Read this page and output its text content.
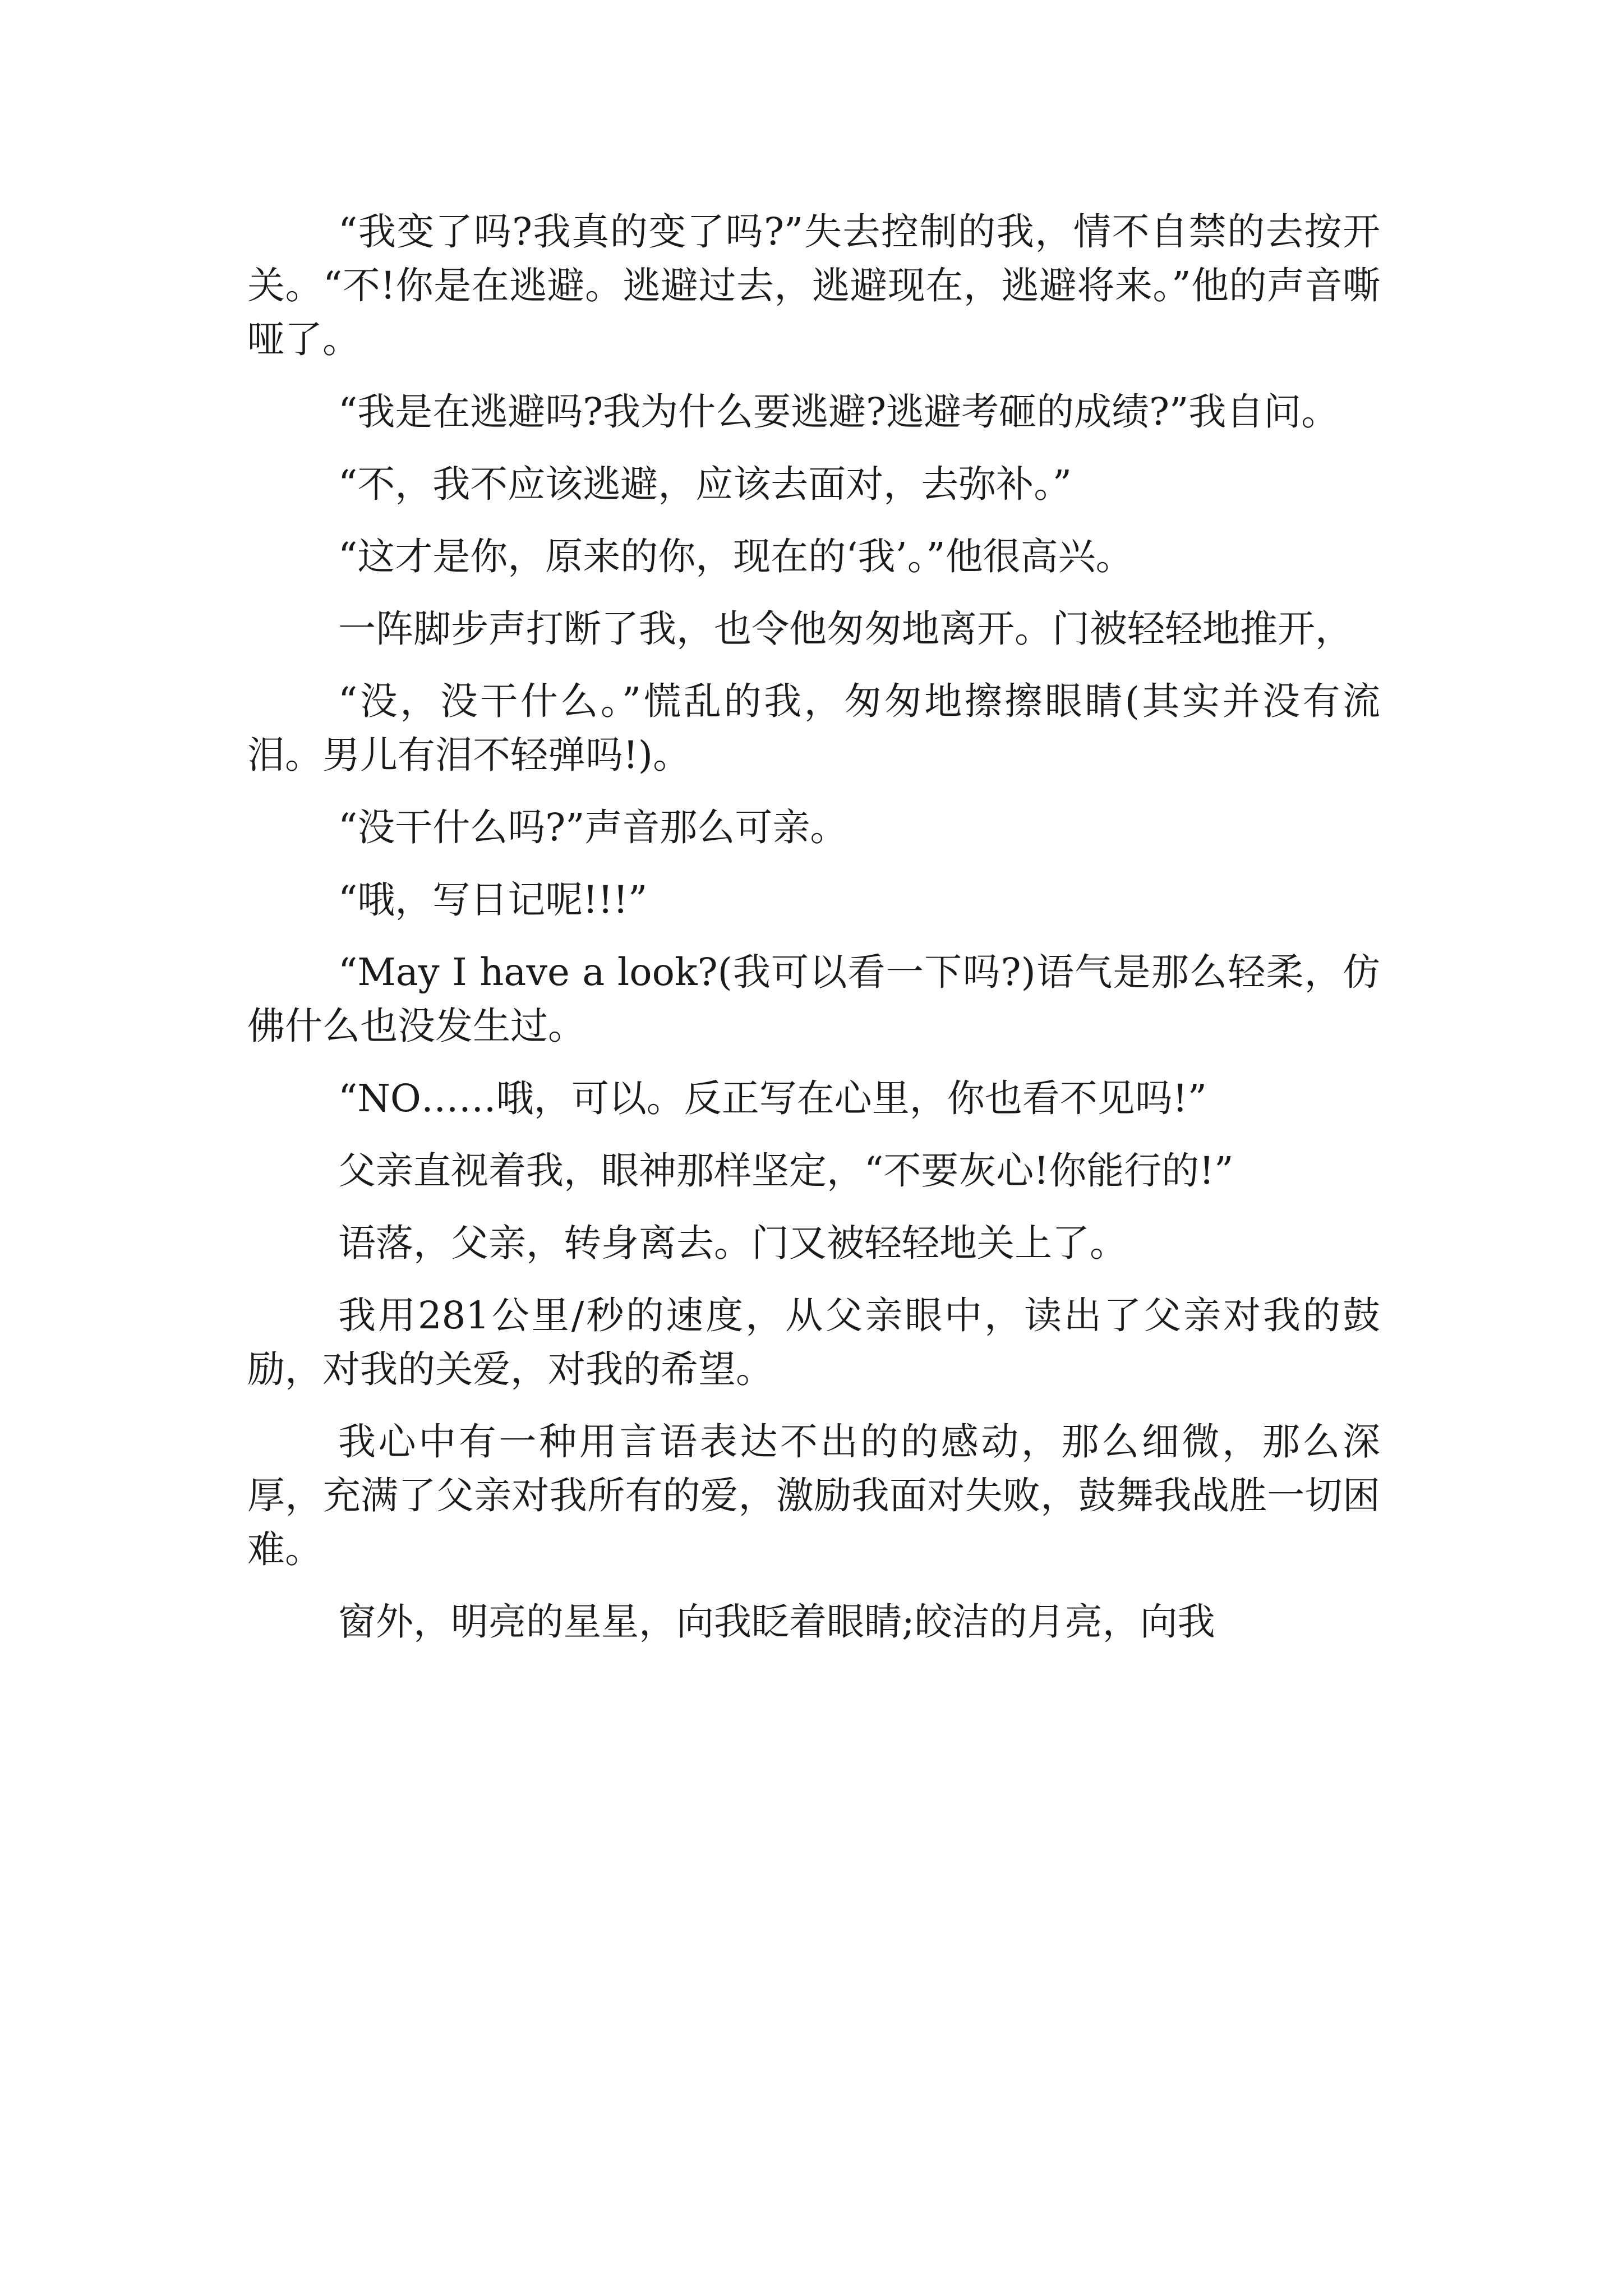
“我变了吗?我真的变了吗?”失去控制的我，情不自禁的去按开关。“不!你是在逃避。逃避过去，逃避现在，逃避将来。”他的声音嘶哑了。

“我是在逃避吗?我为什么要逃避?逃避考砸的成绩?”我自问。

“不，我不应该逃避，应该去面对，去弥补。”

“这才是你，原来的你，现在的‘我’。”他很高兴。

一阵脚步声打断了我，也令他匆匆地离开。门被轻轻地推开，

“没，没干什么。”慌乱的我，匆匆地擦擦眼睛(其实并没有流泪。男儿有泪不轻弹吗!)。

“没干什么吗?”声音那么可亲。

“哦，写日记呢!!!”

“May I have a look?(我可以看一下吗?)语气是那么轻柔，仿佛什么也没发生过。

“NO……哦，可以。反正写在心里，你也看不见吗!”

父亲直视着我，眼神那样坚定，“不要灰心!你能行的!”

语落，父亲，转身离去。门又被轻轻地关上了。

我用281公里/秒的速度，从父亲眼中，读出了父亲对我的鼓励，对我的关爱，对我的希望。

我心中有一种用言语表达不出的的感动，那么细微，那么深厚，充满了父亲对我所有的爱，激励我面对失败，鼓舞我战胜一切困难。

窗外，明亮的星星，向我眨着眼睛;皎洁的月亮，向我
